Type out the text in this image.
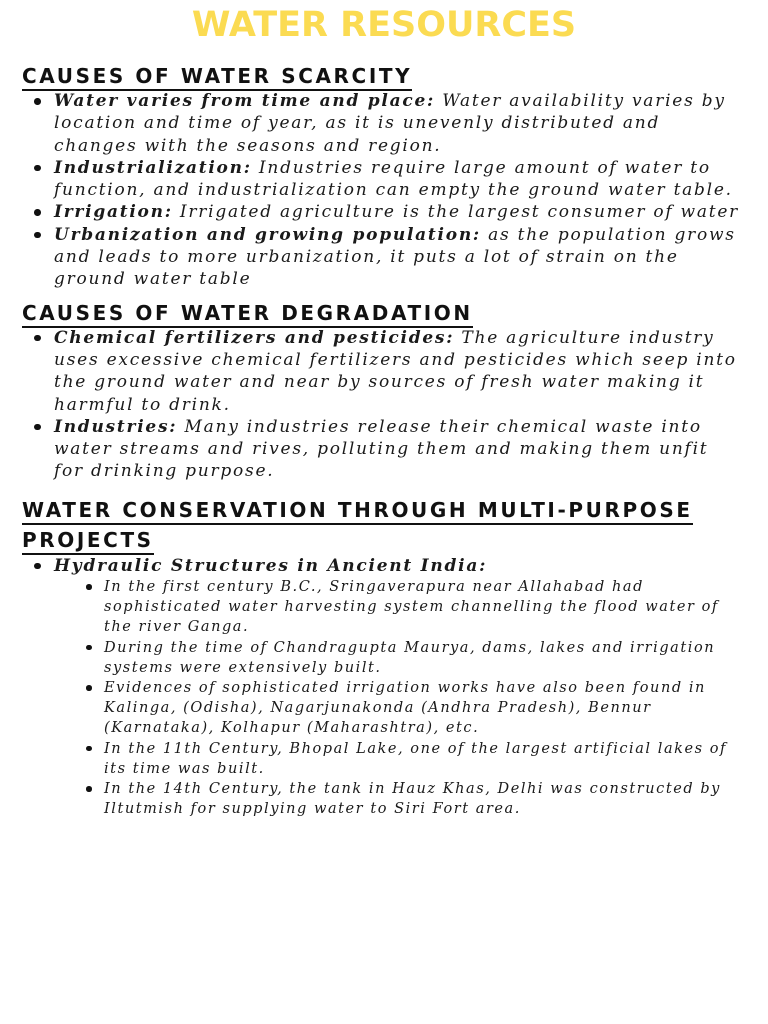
WATER RESOURCES
CAUSES OF WATER SCARCITY
Water varies from time and place: Water availability varies by location and time of year, as it is unevenly distributed and changes with the seasons and region.
Industrialization: Industries require large amount of water to function, and industrialization can empty the ground water table.
Irrigation: Irrigated agriculture is the largest consumer of water
Urbanization and growing population: as the population grows and leads to more urbanization, it puts a lot of strain on the ground water table
CAUSES OF WATER DEGRADATION
Chemical fertilizers and pesticides: The agriculture industry uses excessive chemical fertilizers and pesticides which seep into the ground water and near by sources of fresh water making it harmful to drink.
Industries: Many industries release their chemical waste into water streams and rives, polluting them and making them unfit for drinking purpose.
WATER CONSERVATION THROUGH MULTI-PURPOSE
PROJECTS
Hydraulic Structures in Ancient India:
In the first century B.C., Sringaverapura near Allahabad had sophisticated water harvesting system channelling the flood water of the river Ganga.
During the time of Chandragupta Maurya, dams, lakes and irrigation systems were extensively built.
Evidences of sophisticated irrigation works have also been found in Kalinga, (Odisha), Nagarjunakonda (Andhra Pradesh), Bennur (Karnataka), Kolhapur (Maharashtra), etc.
In the 11th Century, Bhopal Lake, one of the largest artificial lakes of its time was built.
In the 14th Century, the tank in Hauz Khas, Delhi was constructed by Iltutmish for supplying water to Siri Fort area.
